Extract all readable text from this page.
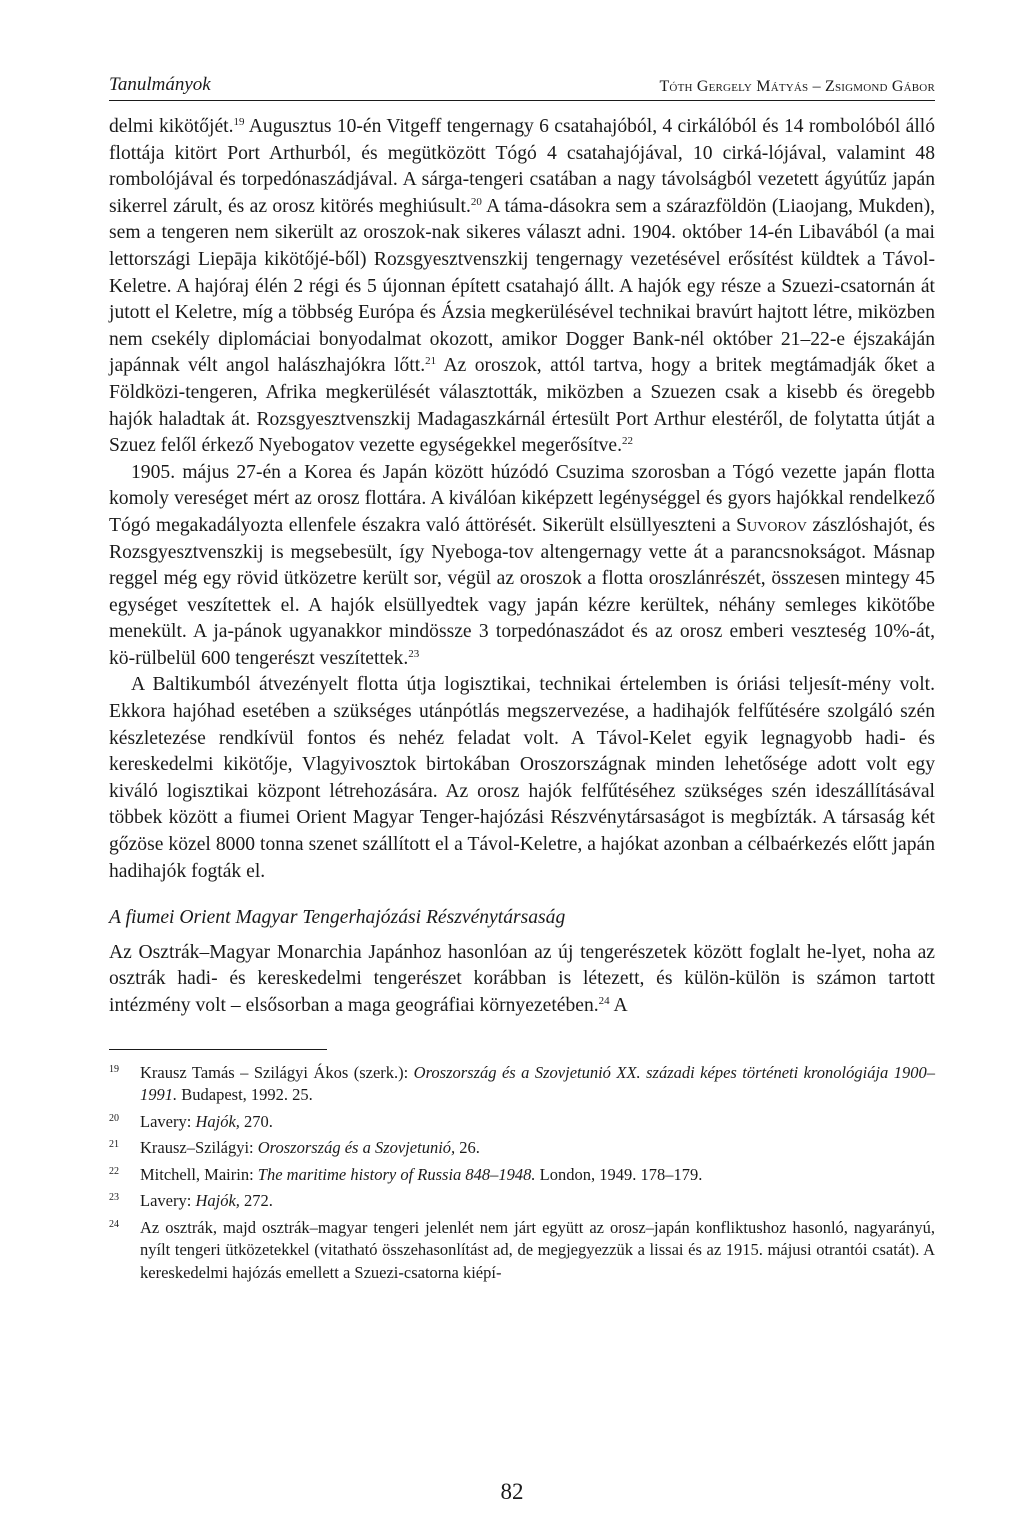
Tanulmányok	Tóth Gergely Mátyás – Zsigmond Gábor

delmi kikötőjét.$^{19}$ Augusztus 10-én Vitgeff tengernagy 6 csatahajóból, 4 cirkálóból és 14 rombolóból álló flottája kitört Port Arthurból, és megütközött Tógó 4 csatahajójával, 10 cirká-lójával, valamint 48 rombolójával és torpedónaszádjával. A sárga-tengeri csatában a nagy távolságból vezetett ágyútűz japán sikerrel zárult, és az orosz kitörés meghiúsult.$^{20}$ A táma-dásokra sem a szárazföldön (Liaojang, Mukden), sem a tengeren nem sikerült az oroszok-nak sikeres választ adni. 1904. október 14-én Libavából (a mai lettországi Liepāja kikötőjé-ből) Rozsgyesztvenszkij tengernagy vezetésével erősítést küldtek a Távol-Keletre. A hajóraj élén 2 régi és 5 újonnan épített csatahajó állt. A hajók egy része a Szuezi-csatornán át jutott el Keletre, míg a többség Európa és Ázsia megkerülésével technikai bravúrt hajtott létre, miközben nem csekély diplomáciai bonyodalmat okozott, amikor Dogger Bank-nél október 21–22-e éjszakáján japánnak vélt angol halászhajókra lőtt.$^{21}$ Az oroszok, attól tartva, hogy a britek megtámadják őket a Földközi-tengeren, Afrika megkerülését választották, miközben a Szuezen csak a kisebb és öregebb hajók haladtak át. Rozsgyesztvenszkij Madagaszkárnál értesült Port Arthur elestéről, de folytatta útját a Szuez felől érkező Nyebogatov vezette egységekkel megerősítve.$^{22}$

1905. május 27-én a Korea és Japán között húzódó Csuzima szorosban a Tógó vezette japán flotta komoly vereséget mért az orosz flottára. A kiválóan kiképzett legénységgel és gyors hajókkal rendelkező Tógó megakadályozta ellenfele északra való áttörését. Sikerült elsüllyeszteni a Suvorov zászlóshajót, és Rozsgyesztvenszkij is megsebesült, így Nyeboga-tov altengernagy vette át a parancsnokságot. Másnap reggel még egy rövid ütközetre került sor, végül az oroszok a flotta oroszlánrészét, összesen mintegy 45 egységet veszítettek el. A hajók elsüllyedtek vagy japán kézre kerültek, néhány semleges kikötőbe menekült. A ja-pánok ugyanakkor mindössze 3 torpedónaszádot és az orosz emberi veszteség 10%-át, kö-rülbelül 600 tengerészt veszítettek.$^{23}$

A Baltikumból átvezényelt flotta útja logisztikai, technikai értelemben is óriási teljesít-mény volt. Ekkora hajóhad esetében a szükséges utánpótlás megszervezése, a hadihajók felfűtésére szolgáló szén készletezése rendkívül fontos és nehéz feladat volt. A Távol-Kelet egyik legnagyobb hadi- és kereskedelmi kikötője, Vlagyivosztok birtokában Oroszországnak minden lehetősége adott volt egy kiváló logisztikai központ létrehozására. Az orosz hajók felfűtéséhez szükséges szén ideszállításával többek között a fiumei Orient Magyar Tenger-hajózási Részvénytársaságot is megbízták. A társaság két gőzöse közel 8000 tonna szenet szállított el a Távol-Keletre, a hajókat azonban a célbaérkezés előtt japán hadihajók fogták el.

A fiumei Orient Magyar Tengerhajózási Részvénytársaság

Az Osztrák–Magyar Monarchia Japánhoz hasonlóan az új tengerészetek között foglalt he-lyet, noha az osztrák hadi- és kereskedelmi tengerészet korábban is létezett, és külön-külön is számon tartott intézmény volt – elsősorban a maga geográfiai környezetében.$^{24}$ A

$^{19}$	Krausz Tamás – Szilágyi Ákos (szerk.): Oroszország és a Szovjetunió XX. századi képes történeti kronológiája 1900–1991. Budapest, 1992. 25.
$^{20}$	Lavery: Hajók, 270.
$^{21}$	Krausz–Szilágyi: Oroszország és a Szovjetunió, 26.
$^{22}$	Mitchell, Mairin: The maritime history of Russia 848–1948. London, 1949. 178–179.
$^{23}$	Lavery: Hajók, 272.
$^{24}$	Az osztrák, majd osztrák–magyar tengeri jelenlét nem járt együtt az orosz–japán konfliktushoz hasonló, nagyarányú, nyílt tengeri ütközetekkel (vitatható összehasonlítást ad, de megjegyezzük a lissai és az 1915. májusi otrantói csatát). A kereskedelmi hajózás emellett a Szuezi-csatorna kiépí-
82
